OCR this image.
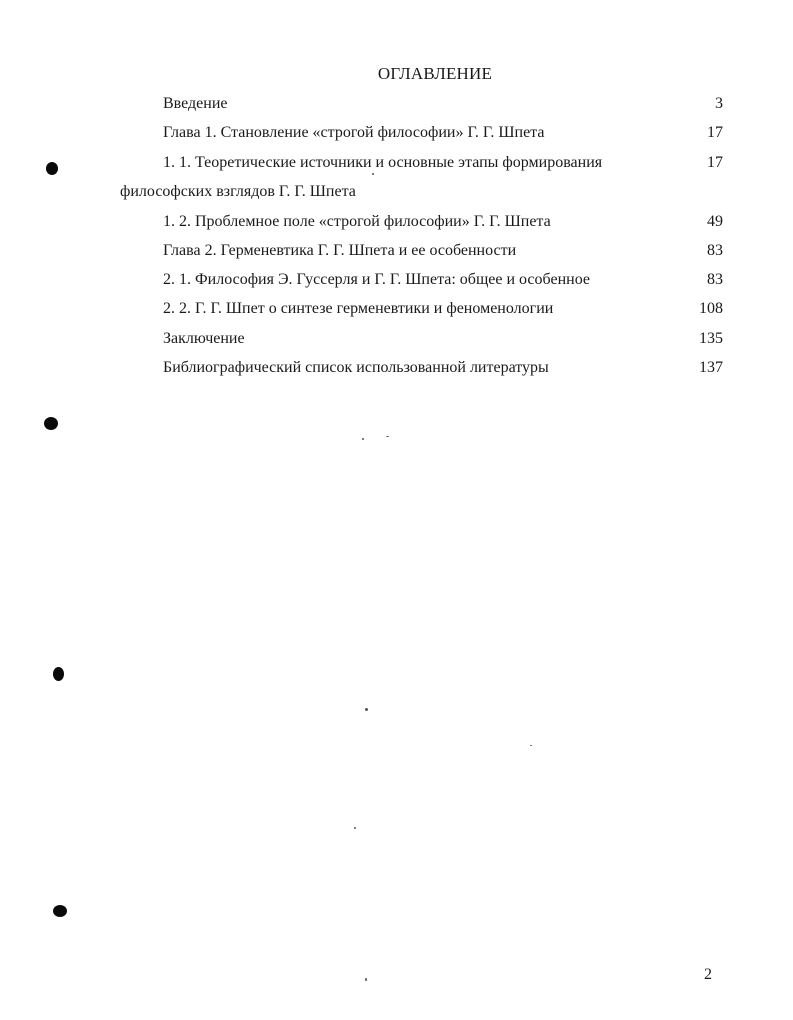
ОГЛАВЛЕНИЕ
Введение	3
Глава 1. Становление «строгой философии» Г. Г. Шпета	17
1. 1. Теоретические источники и основные этапы формирования	17
философских взглядов Г. Г. Шпета
1. 2. Проблемное поле «строгой философии» Г. Г. Шпета	49
Глава 2. Герменевтика Г. Г. Шпета и ее особенности	83
2. 1. Философия Э. Гуссерля и Г. Г. Шпета: общее и особенное	83
2. 2. Г. Г. Шпет о синтезе герменевтики и феноменологии	108
Заключение	135
Библиографический список использованной литературы	137
2
